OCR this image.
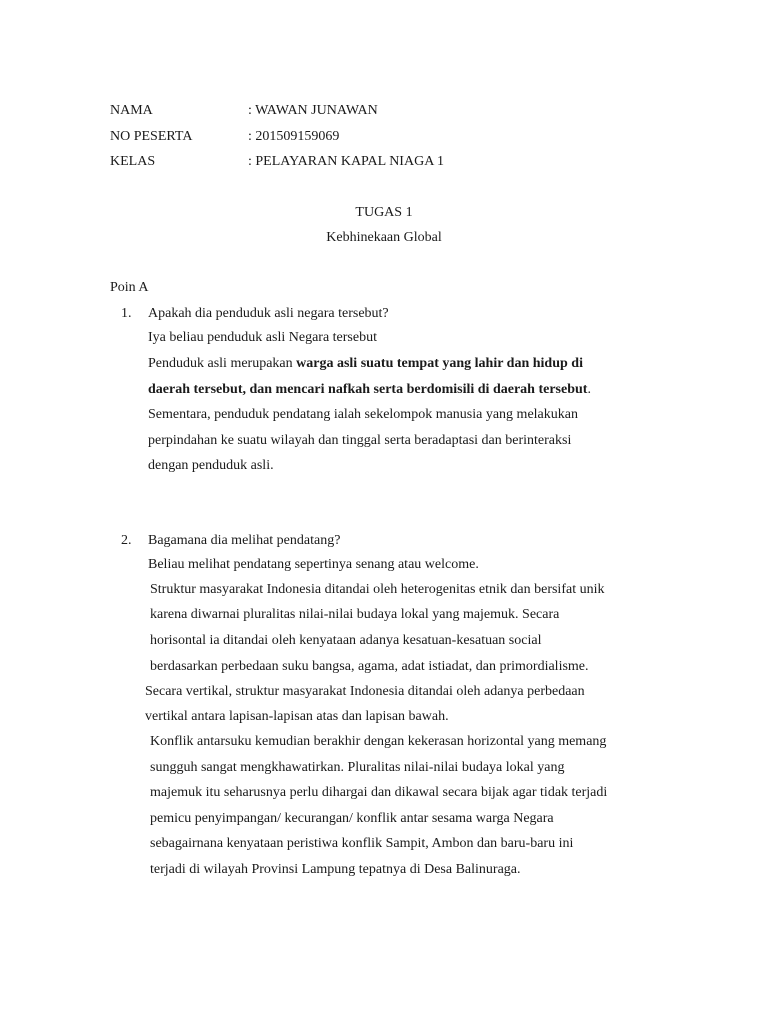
NAMA	: WAWAN JUNAWAN
NO PESERTA	: 201509159069
KELAS	: PELAYARAN KAPAL NIAGA 1
TUGAS 1
Kebhinekaan Global
Poin A
1. Apakah dia penduduk asli negara tersebut?
Iya beliau penduduk asli Negara tersebut
Penduduk asli merupakan warga asli suatu tempat yang lahir dan hidup di
daerah tersebut, dan mencari nafkah serta berdomisili di daerah tersebut.
Sementara, penduduk pendatang ialah sekelompok manusia yang melakukan
perpindahan ke suatu wilayah dan tinggal serta beradaptasi dan berinteraksi
dengan penduduk asli.
2. Bagamana dia melihat pendatang?
Beliau melihat pendatang sepertinya senang atau welcome.
Struktur masyarakat Indonesia ditandai oleh heterogenitas etnik dan bersifat unik
karena diwarnai pluralitas nilai-nilai budaya lokal yang majemuk. Secara
horisontal ia ditandai oleh kenyataan adanya kesatuan-kesatuan social
berdasarkan perbedaan suku bangsa, agama, adat istiadat, dan primordialisme.
Secara vertikal, struktur masyarakat Indonesia ditandai oleh adanya perbedaan
vertikal antara lapisan-lapisan atas dan lapisan bawah.
Konflik antarsuku kemudian berakhir dengan kekerasan horizontal yang memang
sungguh sangat mengkhawatirkan. Pluralitas nilai-nilai budaya lokal yang
majemuk itu seharusnya perlu dihargai dan dikawal secara bijak agar tidak terjadi
pemicu penyimpangan/ kecurangan/ konflik antar sesama warga Negara
sebagairnana kenyataan peristiwa konflik Sampit, Ambon dan baru-baru ini
terjadi di wilayah Provinsi Lampung tepatnya di Desa Balinuraga.
